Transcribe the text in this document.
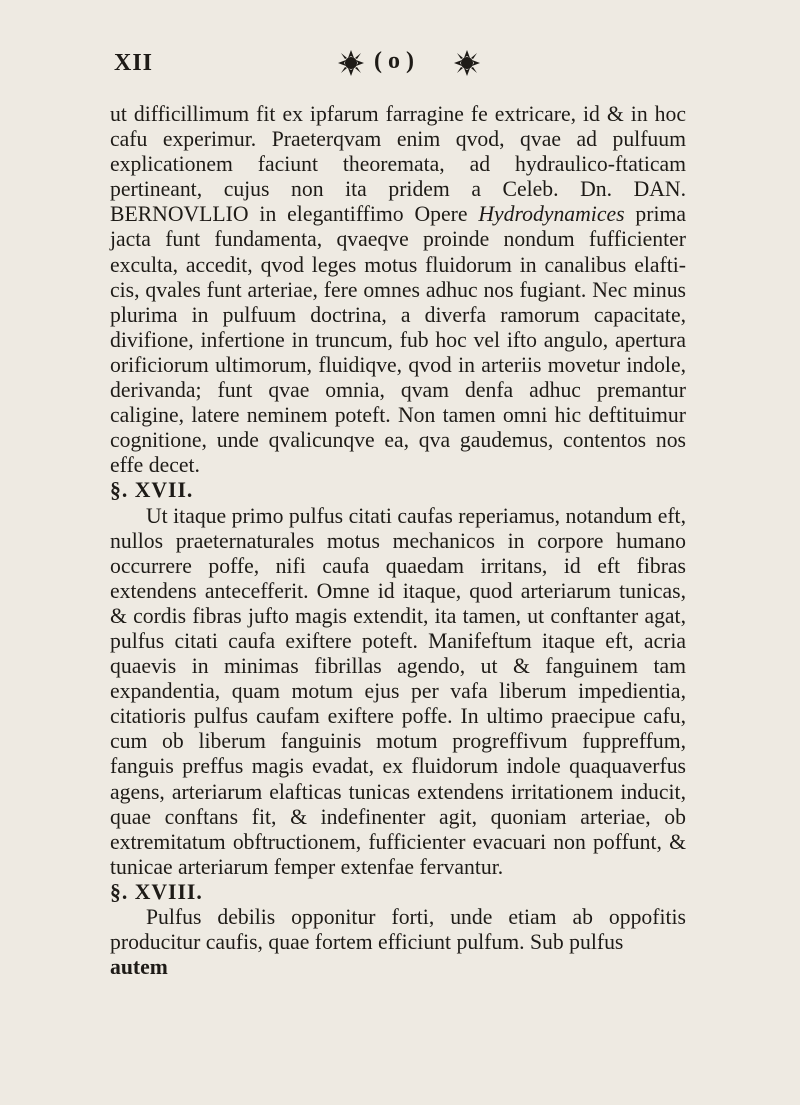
XII	( o )

ut difficillimum fit ex ipfarum farragine fe extricare, id & in hoc cafu experimur. Praeterqvam enim qvod, qvae ad pulfuum explicationem faciunt theoremata, ad hydraulico-ftaticam pertineant, cujus non ita pridem a Celeb. Dn. DAN. BERNOVLLIO in elegantiffimo Opere Hydrodynamices prima jacta funt fundamenta, qvaeqve proinde nondum fufficienter exculta, accedit, qvod leges motus fluidorum in canalibus elafticis, qvales funt arteriae, fere omnes adhuc nos fugiant. Nec minus plurima in pulfuum doctrina, a diverfa ramorum capacitate, divifione, infertione in truncum, fub hoc vel ifto angulo, apertura orificiorum ultimorum, fluidiqve, qvod in arteriis movetur indole, derivanda; funt qvae omnia, qvam denfa adhuc premantur caligine, latere neminem poteft. Non tamen omni hic deftituimur cognitione, unde qvalicunqve ea, qva gaudemus, contentos nos effe decet.

§. XVII.

Ut itaque primo pulfus citati caufas reperiamus, notandum eft, nullos praeternaturales motus mechanicos in corpore humano occurrere poffe, nifi caufa quaedam irritans, id eft fibras extendens antecefferit. Omne id itaque, quod arteriarum tunicas, & cordis fibras jufto magis extendit, ita tamen, ut conftanter agat, pulfus citati caufa exiftere poteft. Manifeftum itaque eft, acria quaevis in minimas fibrillas agendo, ut & fanguinem tam expandentia, quam motum ejus per vafa liberum impedientia, citatioris pulfus caufam exiftere poffe. In ultimo praecipue cafu, cum ob liberum fanguinis motum progreffivum fuppreffum, fanguis preffus magis evadat, ex fluidorum indole quaquaverfus agens, arteriarum elafticas tunicas extendens irritationem inducit, quae conftans fit, & indefinenter agit, quoniam arteriae, ob extremitatum obftructionem, fufficienter evacuari non poffunt, & tunicae arteriarum femper extenfae fervantur.

§. XVIII.

Pulfus debilis opponitur forti, unde etiam ab oppofitis producitur caufis, quae fortem efficiunt pulfum. Sub pulfus

autem
